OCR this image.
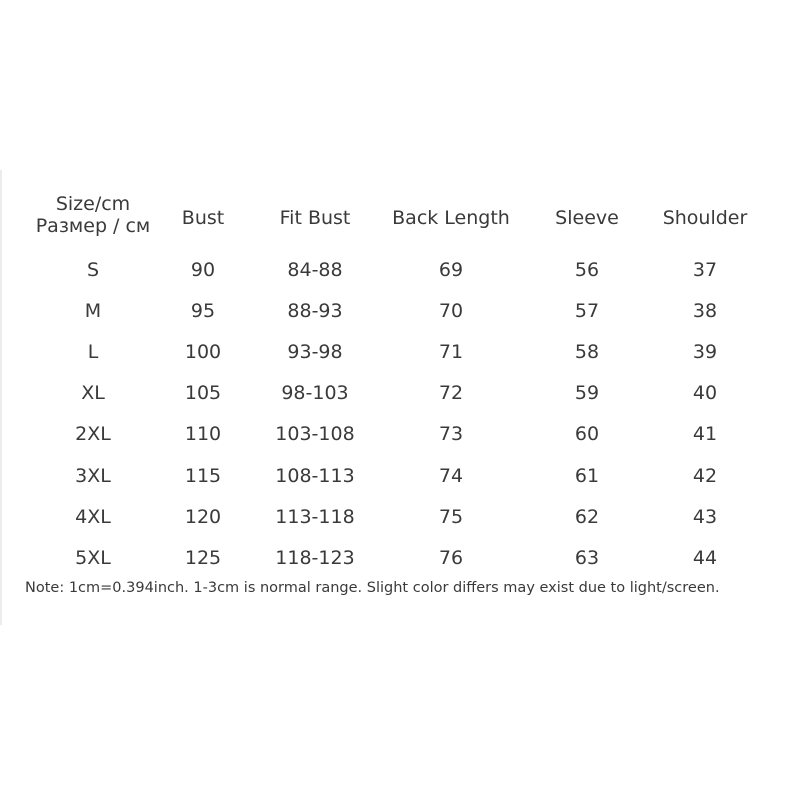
Size/cm
Размер / см	Bust	Fit Bust	Back Length	Sleeve	Shoulder

S	90	84-88	69	56	37
M	95	88-93	70	57	38
L	100	93-98	71	58	39
XL	105	98-103	72	59	40
2XL	110	103-108	73	60	41
3XL	115	108-113	74	61	42
4XL	120	113-118	75	62	43
5XL	125	118-123	76	63	44
Note: 1cm=0.394inch. 1-3cm is normal range. Slight color differs may exist due to light/screen.
